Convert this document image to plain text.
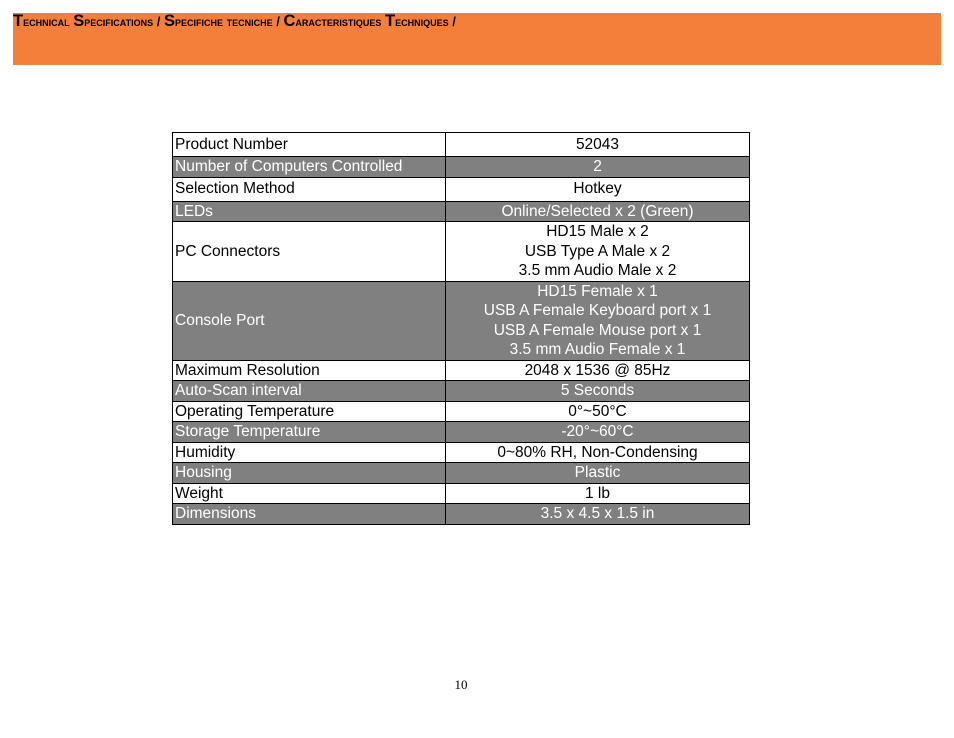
Technical Specifications / Specifiche tecniche / Caracteristiques Techniques /
Product Number	52043
Number of Computers Controlled	2
Selection Method	Hotkey
LEDs	Online/Selected x 2 (Green)
PC Connectors	HD15 Male x 2
USB Type A Male x 2
3.5 mm Audio Male x 2

Console Port	HD15 Female x 1
USB A Female Keyboard port x 1
USB A Female Mouse port x 1
3.5 mm Audio Female x 1

Maximum Resolution	2048 x 1536 @ 85Hz
Auto-Scan interval	5 Seconds
Operating Temperature	0°~50°C
Storage Temperature	-20°~60°C
Humidity	0~80% RH, Non-Condensing
Housing	Plastic
Weight	1 lb
Dimensions	3.5 x 4.5 x 1.5 in
10
